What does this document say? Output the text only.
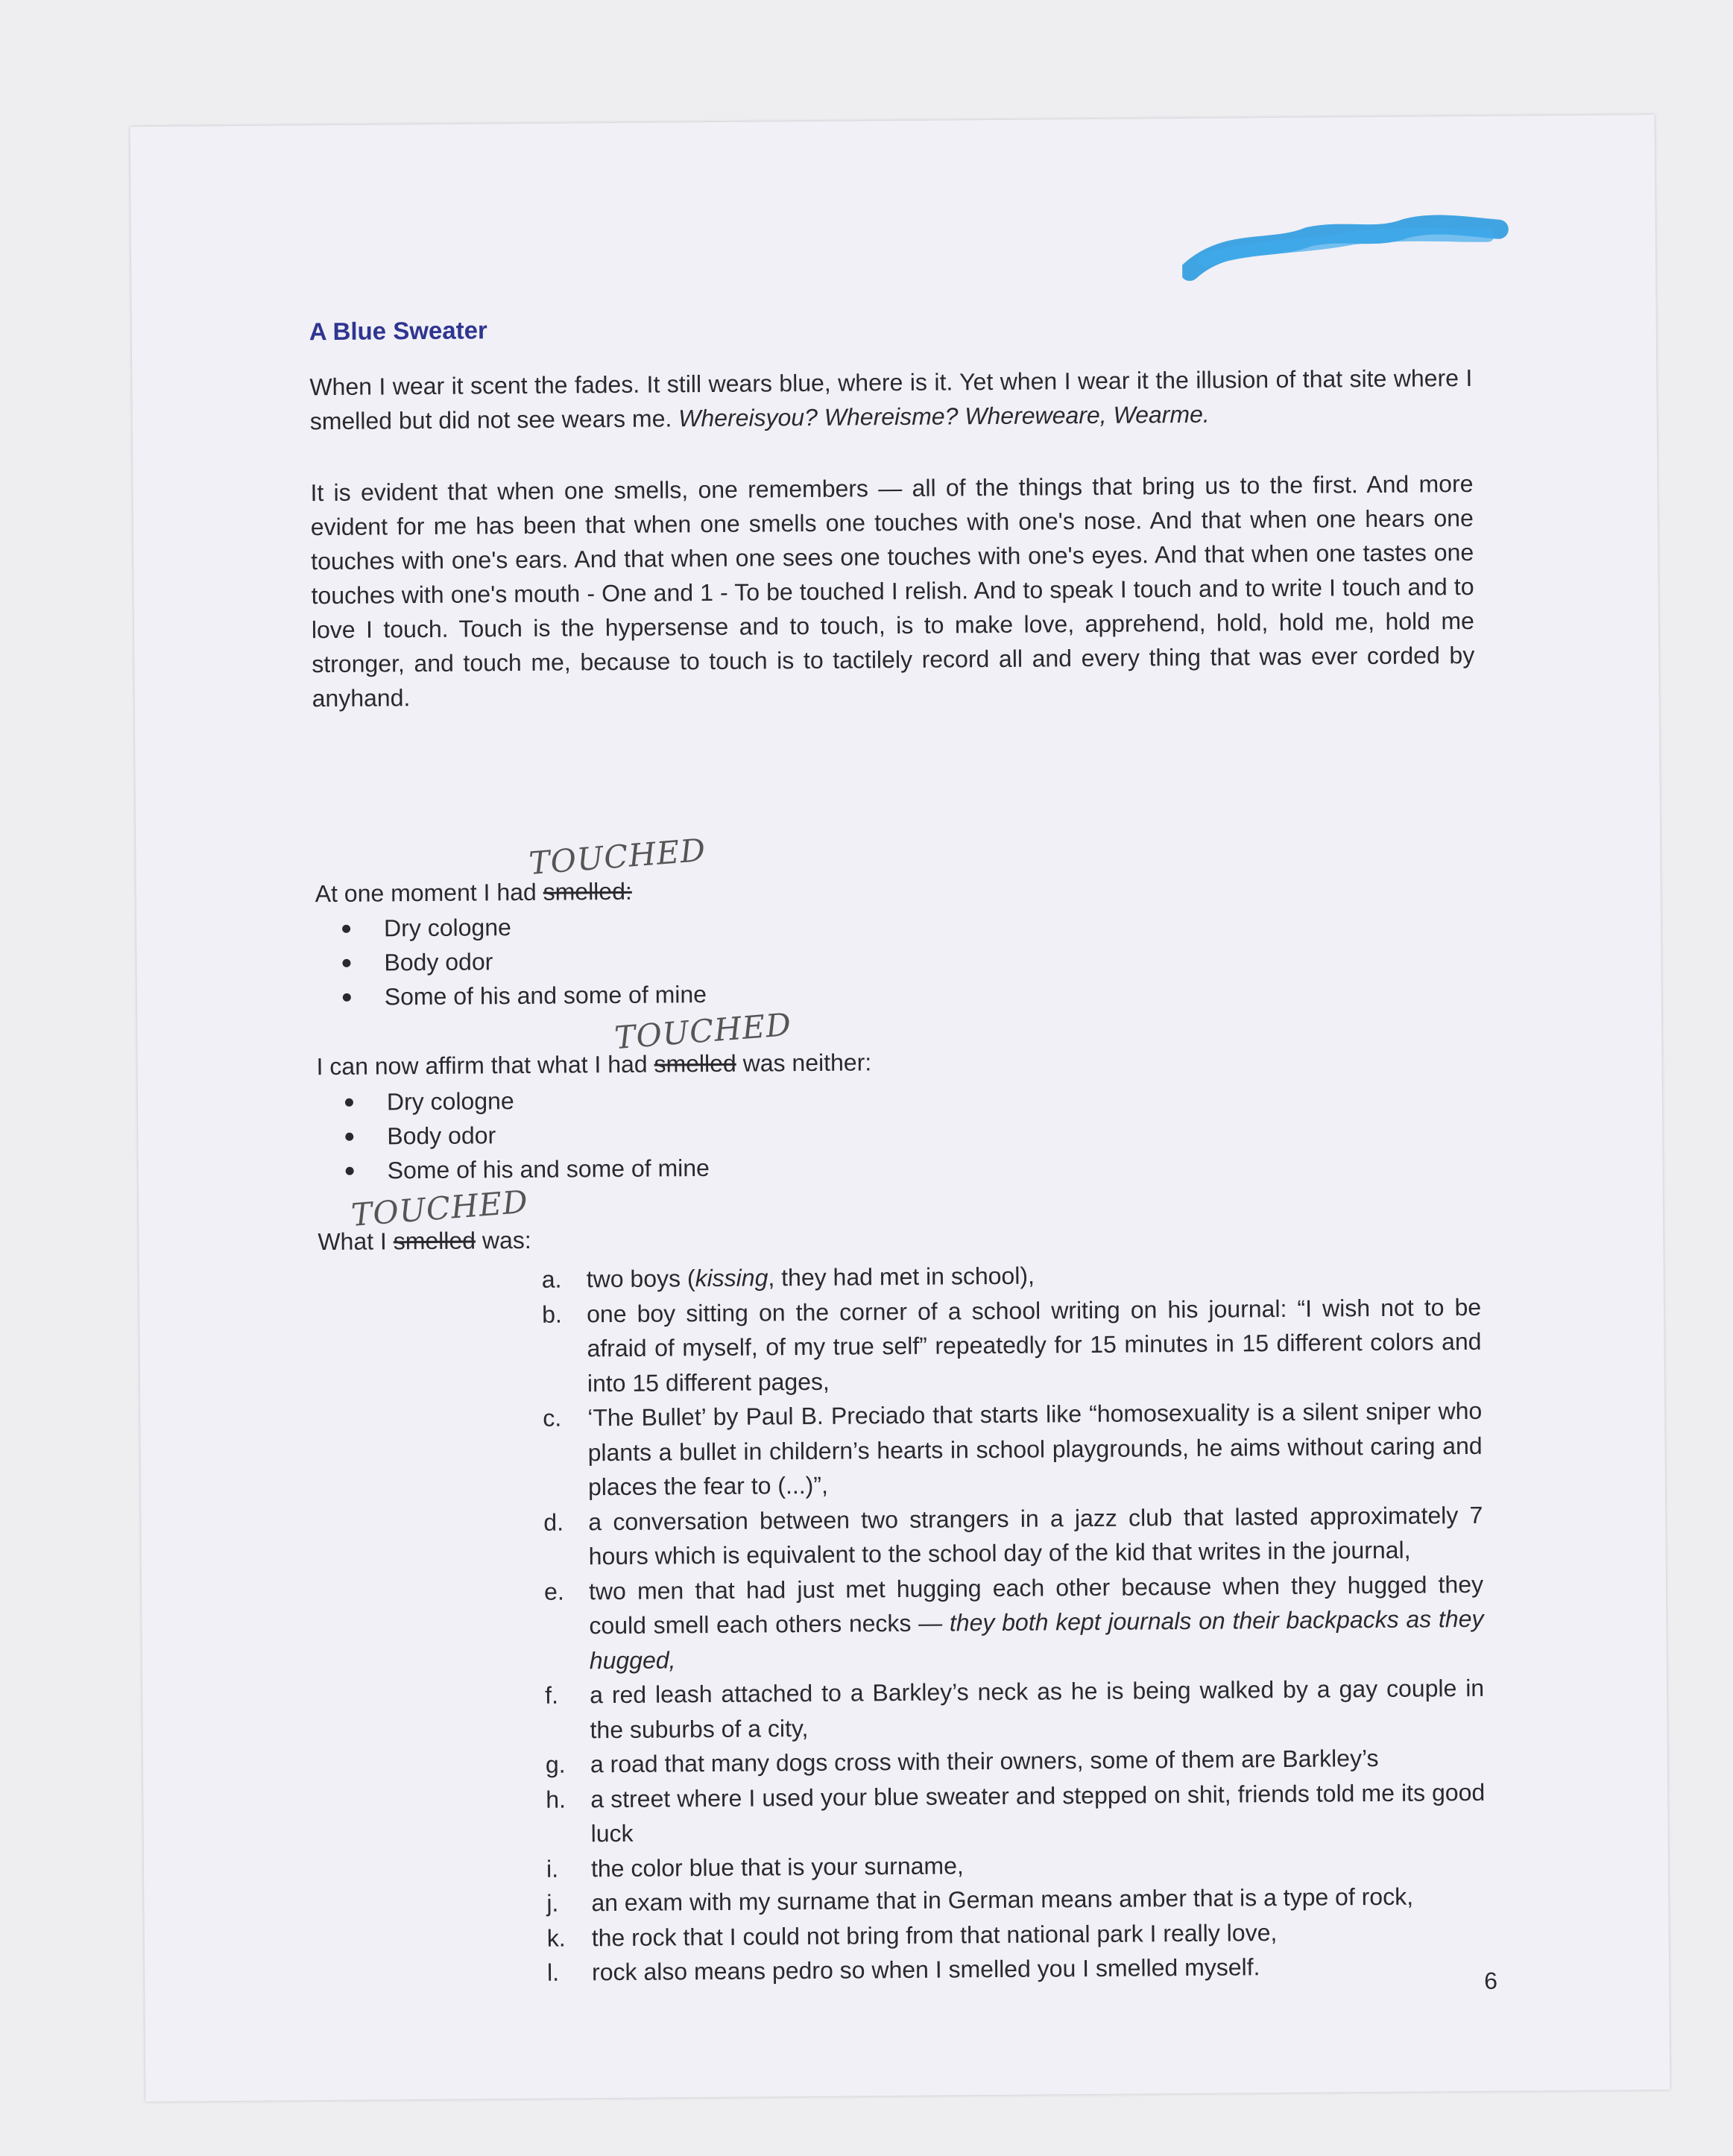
A Blue Sweater

When I wear it scent the fades. It still wears blue, where is it. Yet when I wear it the illusion of that site where I smelled but did not see wears me. Whereisyou? Whereisme? Whereweare, Wearme.

It is evident that when one smells, one remembers — all of the things that bring us to the first. And more evident for me has been that when one smells one touches with one's nose. And that when one hears one touches with one's ears. And that when one sees one touches with one's eyes. And that when one tastes one touches with one's mouth - One and 1 - To be touched I relish. And to speak I touch and to write I touch and to love I touch. Touch is the hypersense and to touch, is to make love, apprehend, hold, hold me, hold me stronger, and touch me, because to touch is to tactilely record all and every thing that was ever corded by anyhand.

At one moment I had smelled:
TOUCHED
Dry cologne
Body odor
Some of his and some of mine
I can now affirm that what I had smelled was neither:
TOUCHED
Dry cologne
Body odor
Some of his and some of mine
What I smelled was:
TOUCHED
a. two boys (kissing, they had met in school),
b. one boy sitting on the corner of a school writing on his journal: “I wish not to be afraid of myself, of my true self” repeatedly for 15 minutes in 15 different colors and into 15 different pages,
c. ‘The Bullet’ by Paul B. Preciado that starts like “homosexuality is a silent sniper who plants a bullet in childern’s hearts in school playgrounds, he aims without caring and places the fear to (...)”,
d. a conversation between two strangers in a jazz club that lasted approximately 7 hours which is equivalent to the school day of the kid that writes in the journal,
e. two men that had just met hugging each other because when they hugged they could smell each others necks — they both kept journals on their backpacks as they hugged,
f. a red leash attached to a Barkley’s neck as he is being walked by a gay couple in the suburbs of a city,
g. a road that many dogs cross with their owners, some of them are Barkley’s
h. a street where I used your blue sweater and stepped on shit, friends told me its good luck
i. the color blue that is your surname,
j. an exam with my surname that in German means amber that is a type of rock,
k. the rock that I could not bring from that national park I really love,
l. rock also means pedro so when I smelled you I smelled myself.	6
